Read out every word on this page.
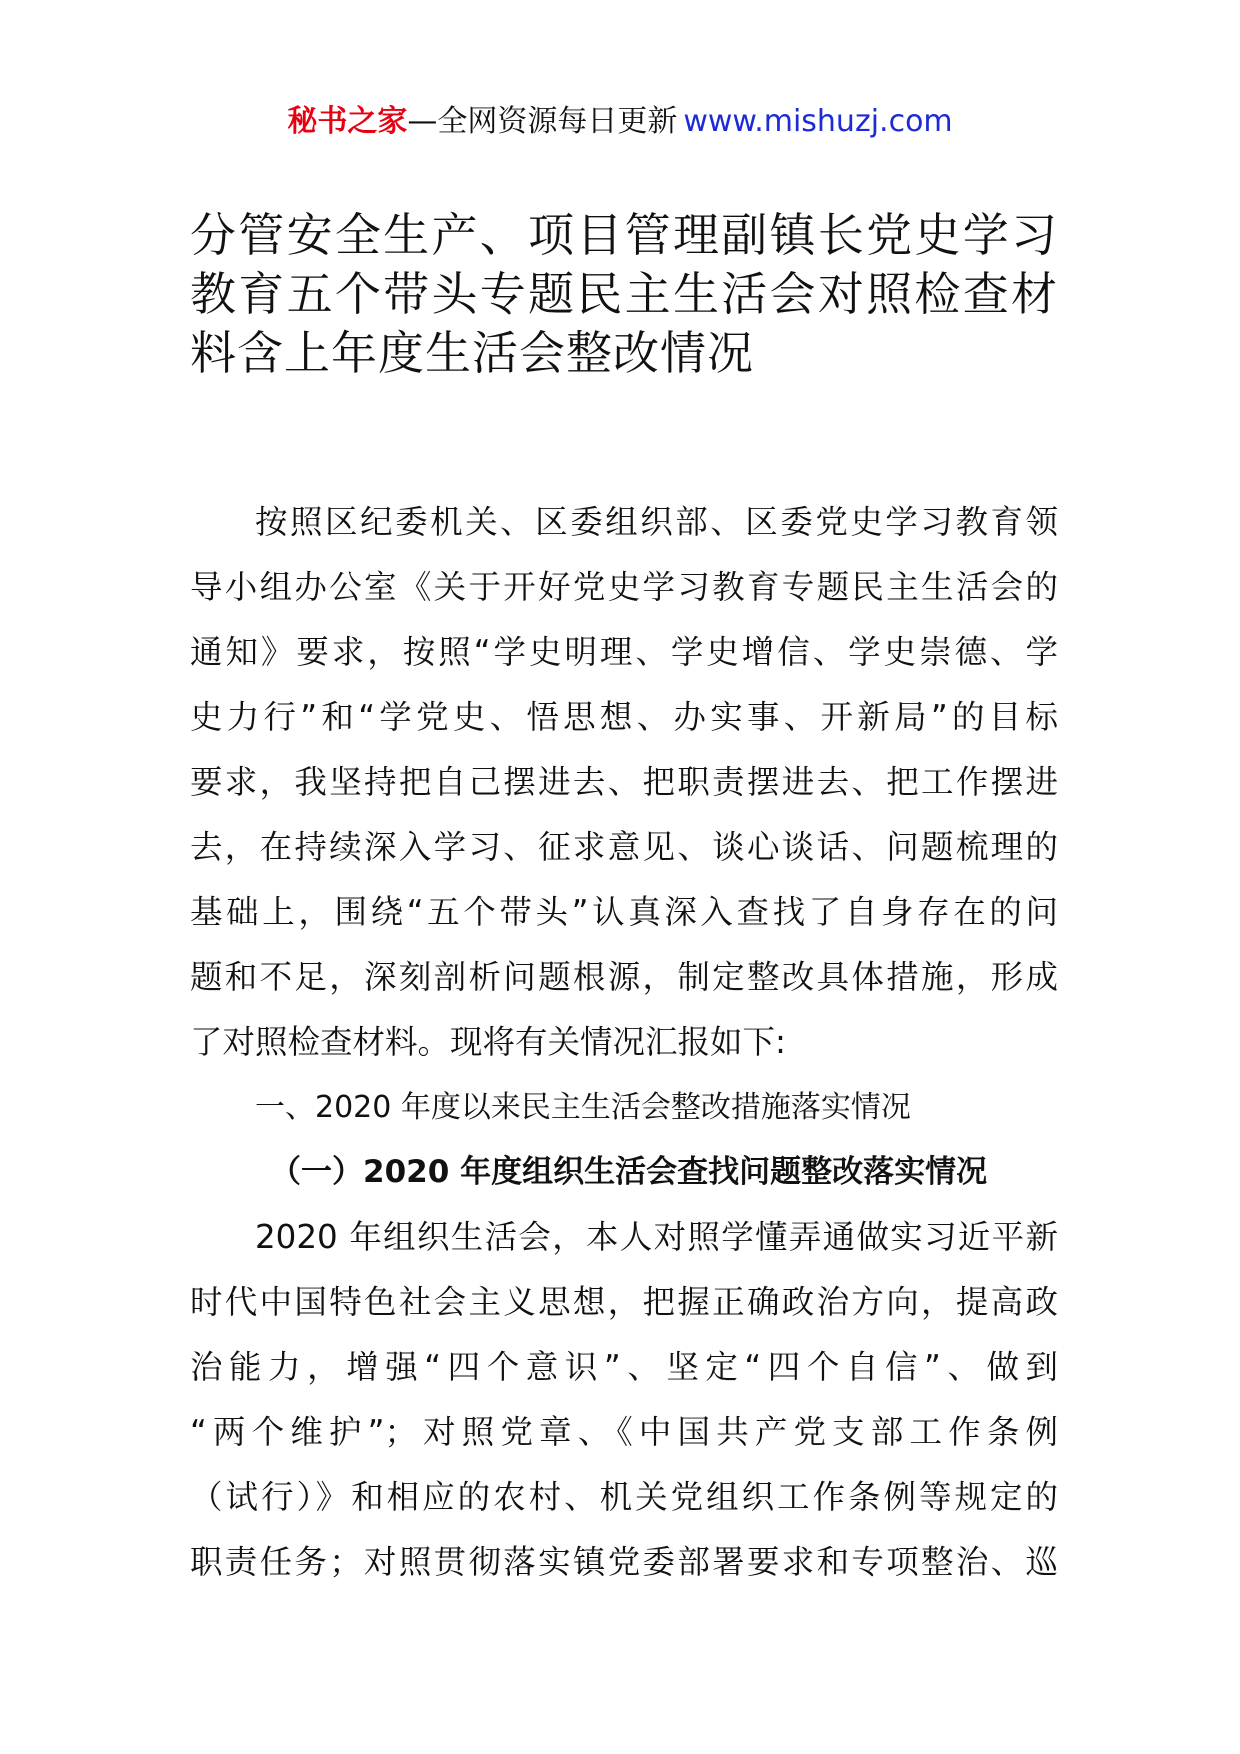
秘书之家—全网资源每日更新 www.mishuzj.com
分管安全生产、项目管理副镇长党史学习
教育五个带头专题民主生活会对照检查材
料含上年度生活会整改情况
按照区纪委机关、区委组织部、区委党史学习教育领
导小组办公室《关于开好党史学习教育专题民主生活会的
通知》要求，按照“学史明理、学史增信、学史崇德、学
史力行”和“学党史、悟思想、办实事、开新局”的目标
要求，我坚持把自己摆进去、把职责摆进去、把工作摆进
去，在持续深入学习、征求意见、谈心谈话、问题梳理的
基础上，围绕“五个带头”认真深入查找了自身存在的问
题和不足，深刻剖析问题根源，制定整改具体措施，形成
了对照检查材料。现将有关情况汇报如下:
一、2020 年度以来民主生活会整改措施落实情况
（一）2020 年度组织生活会查找问题整改落实情况
2020 年组织生活会，本人对照学懂弄通做实习近平新
时代中国特色社会主义思想，把握正确政治方向，提高政
治能力，增强“四个意识”、坚定“四个自信”、做到
“两个维护”；对照党章、《中国共产党支部工作条例
（试行）》和相应的农村、机关党组织工作条例等规定的
职责任务；对照贯彻落实镇党委部署要求和专项整治、巡
